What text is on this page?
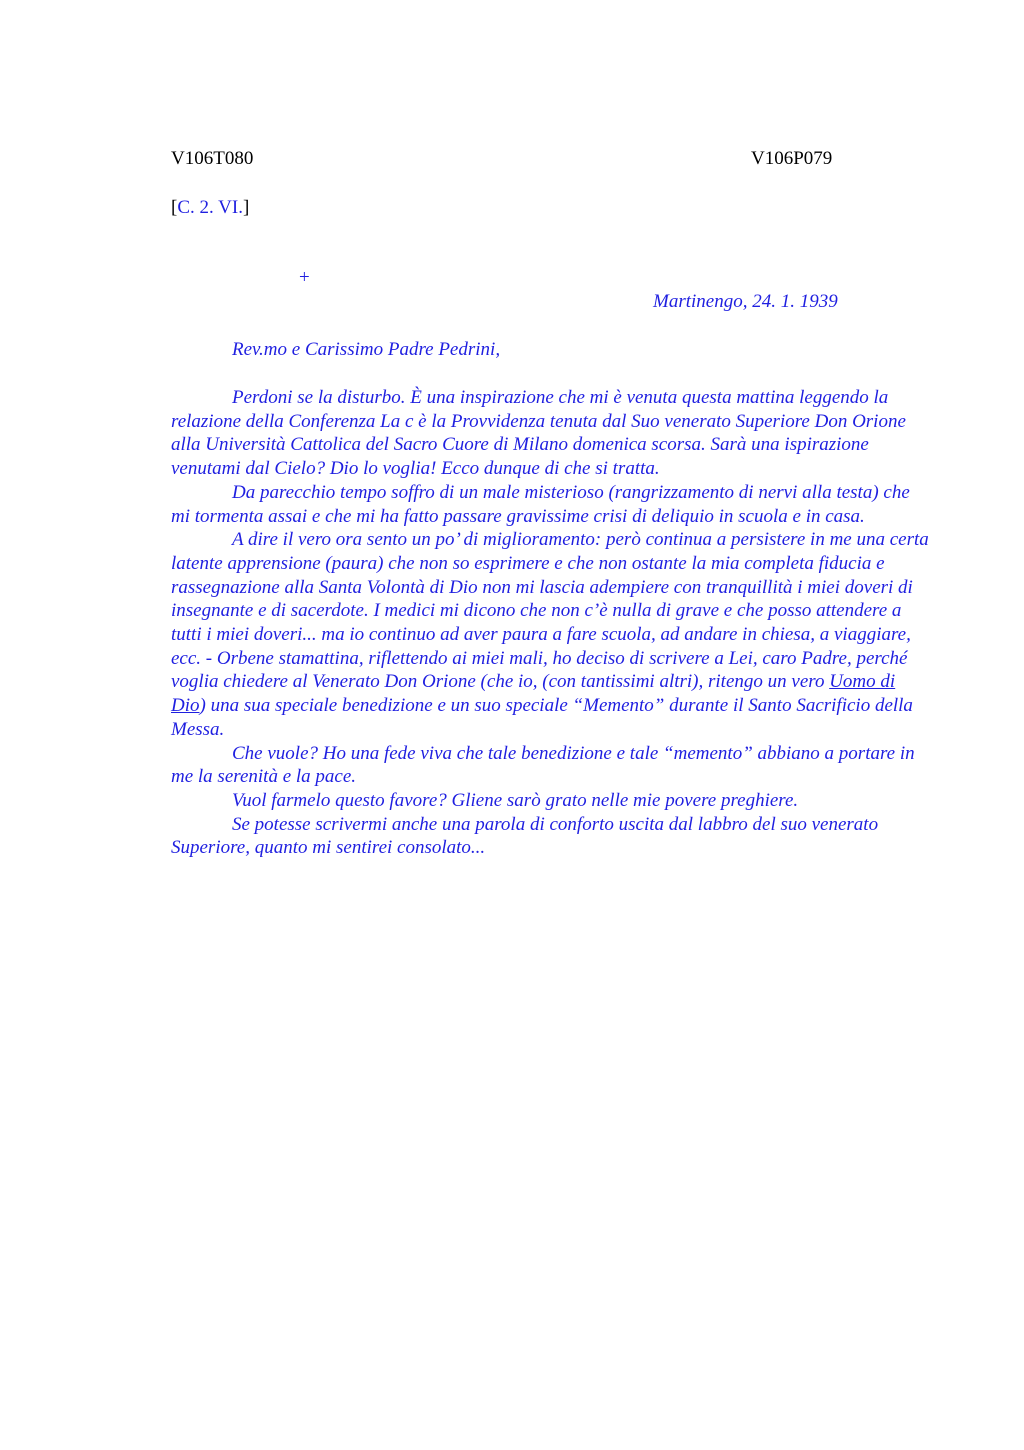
V106T080	V106P079
[C. 2. VI.]
+
Martinengo, 24. 1. 1939
Rev.mo e Carissimo Padre Pedrini,

Perdoni se la disturbo. È una inspirazione che mi è venuta questa mattina leggendo la relazione della Conferenza La c è la Provvidenza tenuta dal Suo venerato Superiore Don Orione alla Università Cattolica del Sacro Cuore di Milano domenica scorsa. Sarà una ispirazione venutami dal Cielo? Dio lo voglia! Ecco dunque di che si tratta.

Da parecchio tempo soffro di un male misterioso (rangrizzamento di nervi alla testa) che mi tormenta assai e che mi ha fatto passare gravissime crisi di deliquio in scuola e in casa.

A dire il vero ora sento un po’ di miglioramento: però continua a persistere in me una certa latente apprensione (paura) che non so esprimere e che non ostante la mia completa fiducia e rassegnazione alla Santa Volontà di Dio non mi lascia adempiere con tranquillità i miei doveri di insegnante e di sacerdote. I medici mi dicono che non c’è nulla di grave e che posso attendere a tutti i miei doveri... ma io continuo ad aver paura a fare scuola, ad andare in chiesa, a viaggiare, ecc. - Orbene stamattina, riflettendo ai miei mali, ho deciso di scrivere a Lei, caro Padre, perché voglia chiedere al Venerato Don Orione (che io, (con tantissimi altri), ritengo un vero Uomo di Dio) una sua speciale benedizione e un suo speciale “Memento” durante il Santo Sacrificio della Messa.

Che vuole? Ho una fede viva che tale benedizione e tale “memento” abbiano a portare in me la serenità e la pace.

Vuol farmelo questo favore? Gliene sarò grato nelle mie povere preghiere.

Se potesse scrivermi anche una parola di conforto uscita dal labbro del suo venerato Superiore, quanto mi sentirei consolato...
